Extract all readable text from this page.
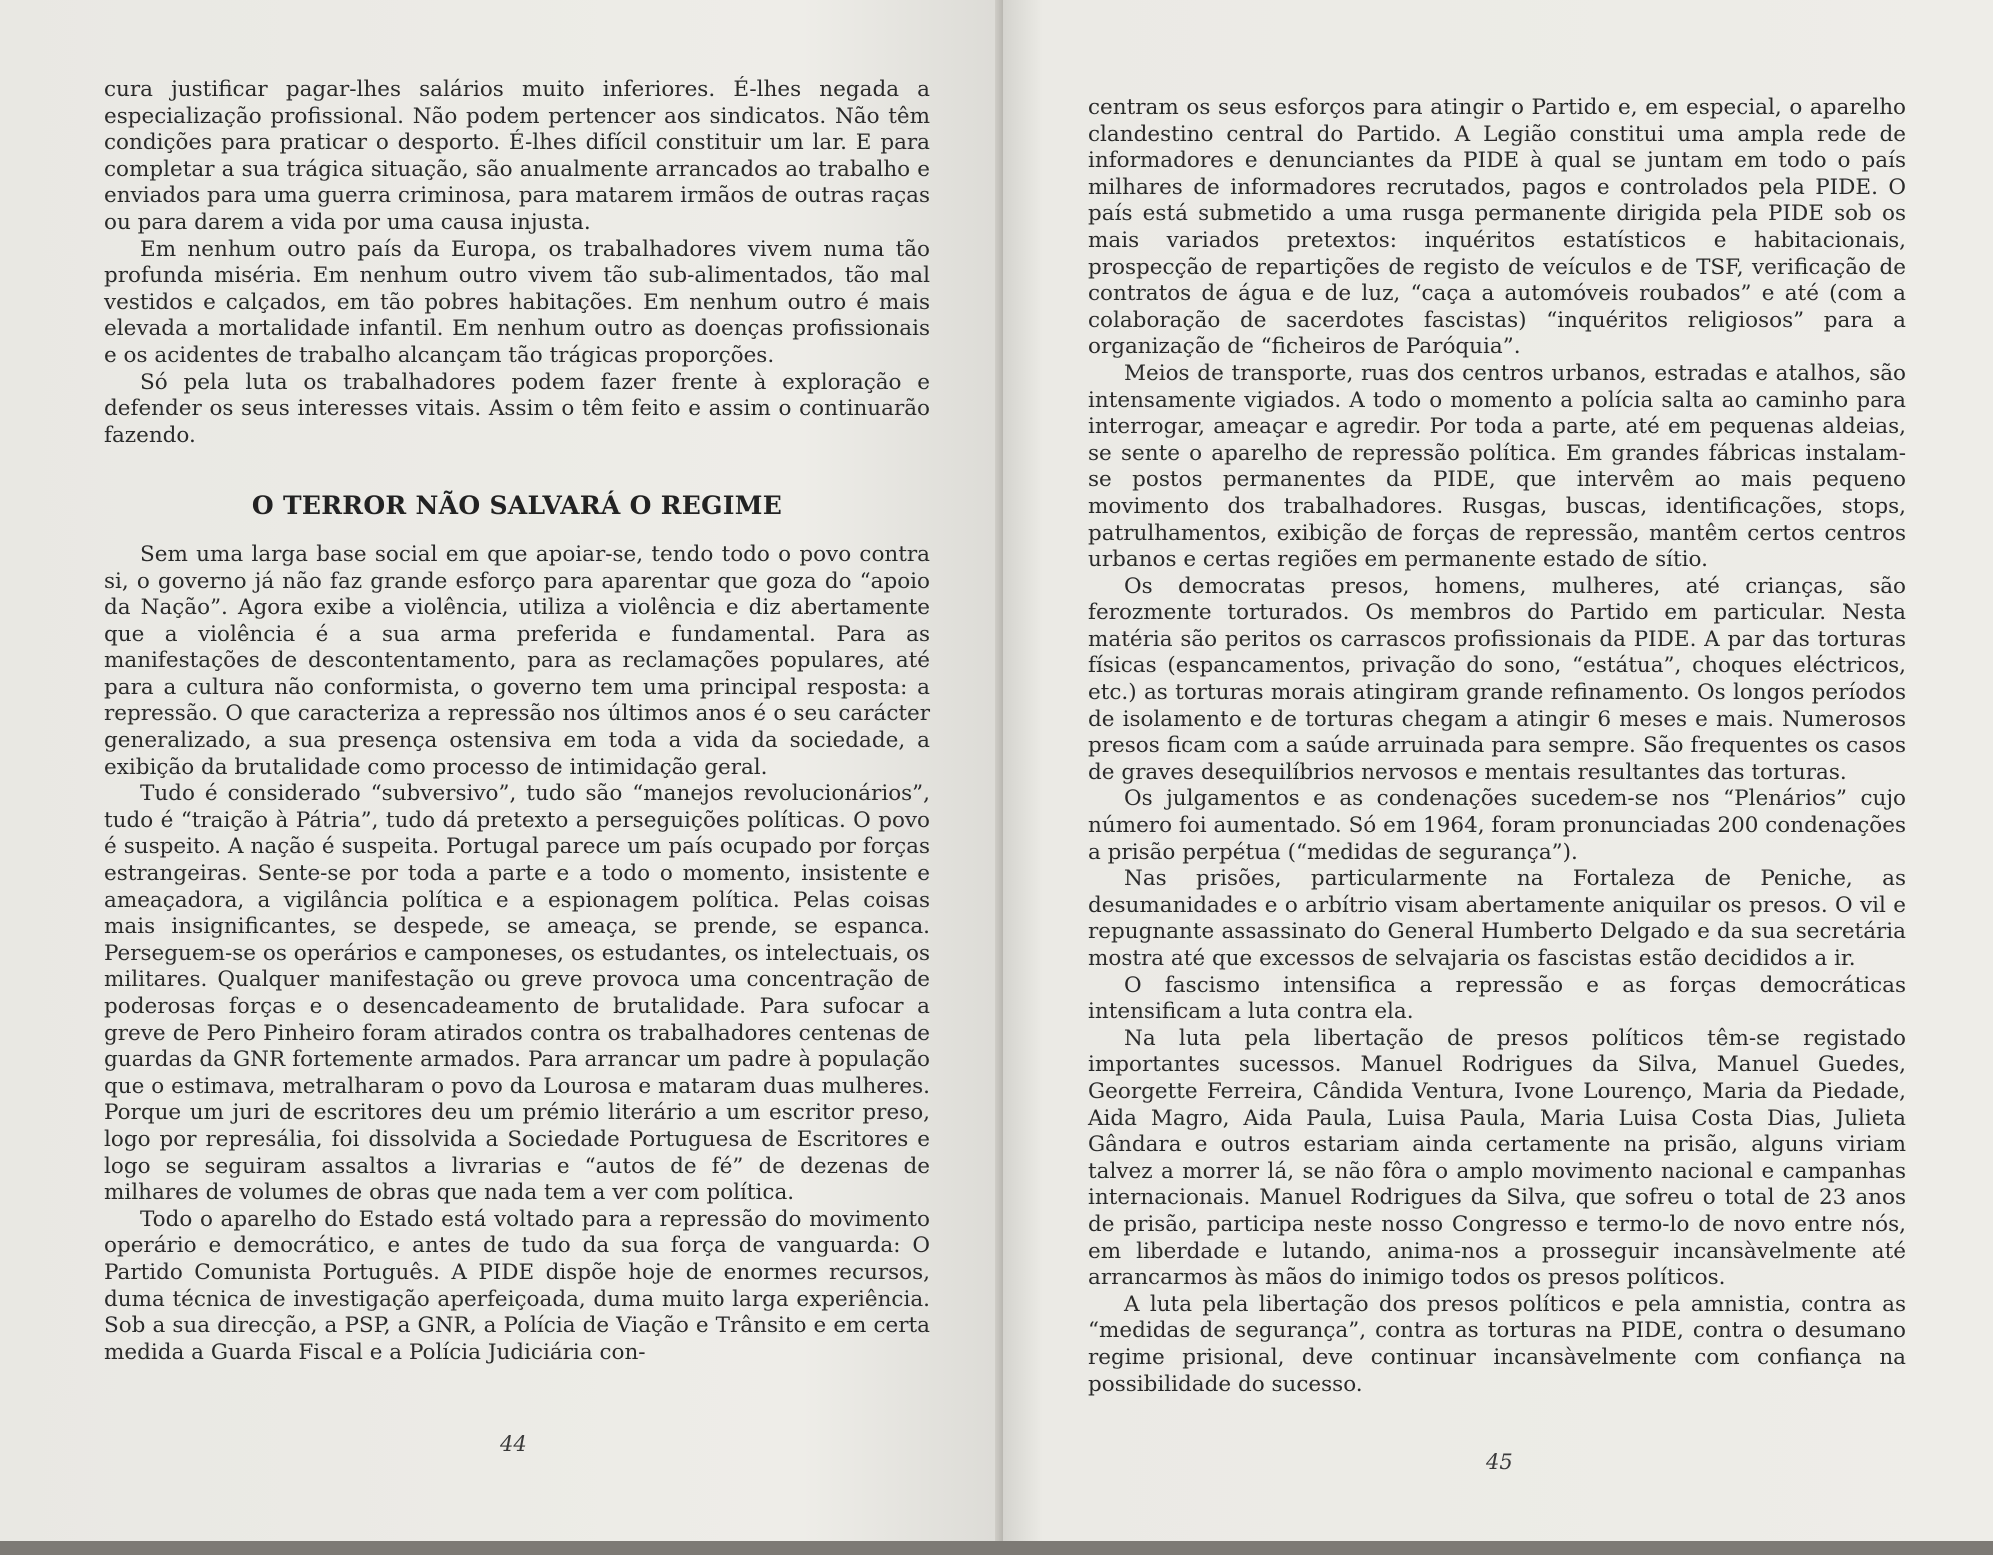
cura justificar pagar-lhes salários muito inferiores. É-lhes negada a especialização profissional. Não podem pertencer aos sindicatos. Não têm condições para praticar o desporto. É-lhes difícil constituir um lar. E para completar a sua trágica situação, são anualmente arrancados ao trabalho e enviados para uma guerra criminosa, para matarem irmãos de outras raças ou para darem a vida por uma causa injusta.

Em nenhum outro país da Europa, os trabalhadores vivem numa tão profunda miséria. Em nenhum outro vivem tão sub-alimentados, tão mal vestidos e calçados, em tão pobres habitações. Em nenhum outro é mais elevada a mortalidade infantil. Em nenhum outro as doenças profissionais e os acidentes de trabalho alcançam tão trágicas proporções.

Só pela luta os trabalhadores podem fazer frente à exploração e defender os seus interesses vitais. Assim o têm feito e assim o continuarão fazendo.

O TERROR NÃO SALVARÁ O REGIME

Sem uma larga base social em que apoiar-se, tendo todo o povo contra si, o governo já não faz grande esforço para aparentar que goza do “apoio da Nação”. Agora exibe a violência, utiliza a violência e diz abertamente que a violência é a sua arma preferida e fundamental. Para as manifestações de descontentamento, para as reclamações populares, até para a cultura não conformista, o governo tem uma principal resposta: a repressão. O que caracteriza a repressão nos últimos anos é o seu carácter generalizado, a sua presença ostensiva em toda a vida da sociedade, a exibição da brutalidade como processo de intimidação geral.

Tudo é considerado “subversivo”, tudo são “manejos revolucionários”, tudo é “traição à Pátria”, tudo dá pretexto a perseguições políticas. O povo é suspeito. A nação é suspeita. Portugal parece um país ocupado por forças estrangeiras. Sente-se por toda a parte e a todo o momento, insistente e ameaçadora, a vigilância política e a espionagem política. Pelas coisas mais insignificantes, se despede, se ameaça, se prende, se espanca. Perseguem-se os operários e camponeses, os estudantes, os intelectuais, os militares. Qualquer manifestação ou greve provoca uma concentração de poderosas forças e o desencadeamento de brutalidade. Para sufocar a greve de Pero Pinheiro foram atirados contra os trabalhadores centenas de guardas da GNR fortemente armados. Para arrancar um padre à população que o estimava, metralharam o povo da Lourosa e mataram duas mulheres. Porque um juri de escritores deu um prémio literário a um escritor preso, logo por represália, foi dissolvida a Sociedade Portuguesa de Escritores e logo se seguiram assaltos a livrarias e “autos de fé” de dezenas de milhares de volumes de obras que nada tem a ver com política.

Todo o aparelho do Estado está voltado para a repressão do movimento operário e democrático, e antes de tudo da sua força de vanguarda: O Partido Comunista Português. A PIDE dispõe hoje de enormes recursos, duma técnica de investigação aperfeiçoada, duma muito larga experiência. Sob a sua direcção, a PSP, a GNR, a Polícia de Viação e Trânsito e em certa medida a Guarda Fiscal e a Polícia Judiciária con-

44

centram os seus esforços para atingir o Partido e, em especial, o aparelho clandestino central do Partido. A Legião constitui uma ampla rede de informadores e denunciantes da PIDE à qual se juntam em todo o país milhares de informadores recrutados, pagos e controlados pela PIDE. O país está submetido a uma rusga permanente dirigida pela PIDE sob os mais variados pretextos: inquéritos estatísticos e habitacionais, prospecção de repartições de registo de veículos e de TSF, verificação de contratos de água e de luz, “caça a automóveis roubados” e até (com a colaboração de sacerdotes fascistas) “inquéritos religiosos” para a organização de “ficheiros de Paróquia”.

Meios de transporte, ruas dos centros urbanos, estradas e atalhos, são intensamente vigiados. A todo o momento a polícia salta ao caminho para interrogar, ameaçar e agredir. Por toda a parte, até em pequenas aldeias, se sente o aparelho de repressão política. Em grandes fábricas instalam-se postos permanentes da PIDE, que intervêm ao mais pequeno movimento dos trabalhadores. Rusgas, buscas, identificações, stops, patrulhamentos, exibição de forças de repressão, mantêm certos centros urbanos e certas regiões em permanente estado de sítio.

Os democratas presos, homens, mulheres, até crianças, são ferozmente torturados. Os membros do Partido em particular. Nesta matéria são peritos os carrascos profissionais da PIDE. A par das torturas físicas (espancamentos, privação do sono, “estátua”, choques eléctricos, etc.) as torturas morais atingiram grande refinamento. Os longos períodos de isolamento e de torturas chegam a atingir 6 meses e mais. Numerosos presos ficam com a saúde arruinada para sempre. São frequentes os casos de graves desequilíbrios nervosos e mentais resultantes das torturas.

Os julgamentos e as condenações sucedem-se nos “Plenários” cujo número foi aumentado. Só em 1964, foram pronunciadas 200 condenações a prisão perpétua (“medidas de segurança”).

Nas prisões, particularmente na Fortaleza de Peniche, as desumanidades e o arbítrio visam abertamente aniquilar os presos. O vil e repugnante assassinato do General Humberto Delgado e da sua secretária mostra até que excessos de selvajaria os fascistas estão decididos a ir.

O fascismo intensifica a repressão e as forças democráticas intensificam a luta contra ela.

Na luta pela libertação de presos políticos têm-se registado importantes sucessos. Manuel Rodrigues da Silva, Manuel Guedes, Georgette Ferreira, Cândida Ventura, Ivone Lourenço, Maria da Piedade, Aida Magro, Aida Paula, Luisa Paula, Maria Luisa Costa Dias, Julieta Gândara e outros estariam ainda certamente na prisão, alguns viriam talvez a morrer lá, se não fôra o amplo movimento nacional e campanhas internacionais. Manuel Rodrigues da Silva, que sofreu o total de 23 anos de prisão, participa neste nosso Congresso e termo-lo de novo entre nós, em liberdade e lutando, anima-nos a prosseguir incansàvelmente até arrancarmos às mãos do inimigo todos os presos políticos.

A luta pela libertação dos presos políticos e pela amnistia, contra as “medidas de segurança”, contra as torturas na PIDE, contra o desumano regime prisional, deve continuar incansàvelmente com confiança na possibilidade do sucesso.

45
